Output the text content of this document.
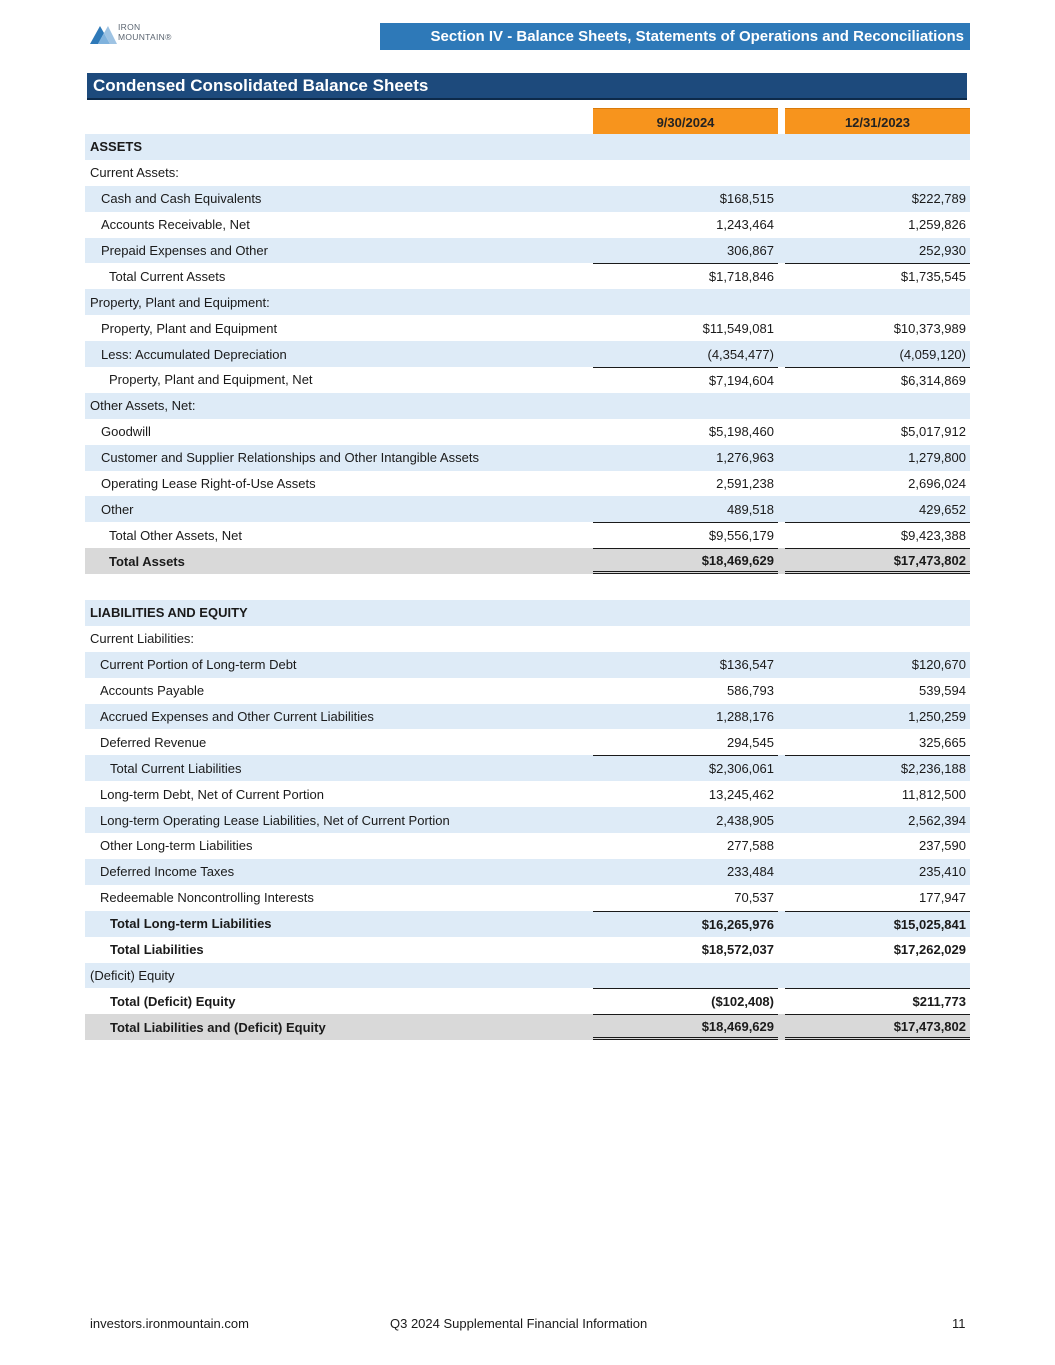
IRON
MOUNTAIN®	Section IV - Balance Sheets, Statements of Operations and Reconciliations
Condensed Consolidated Balance Sheets
9/30/2024	12/31/2023
ASSETS
Current Assets:
Cash and Cash Equivalents	$168,515	$222,789
Accounts Receivable, Net	1,243,464	1,259,826
Prepaid Expenses and Other	306,867	252,930
Total Current Assets	$1,718,846	$1,735,545
Property, Plant and Equipment:
Property, Plant and Equipment	$11,549,081	$10,373,989
Less: Accumulated Depreciation	(4,354,477)	(4,059,120)
Property, Plant and Equipment, Net	$7,194,604	$6,314,869
Other Assets, Net:
Goodwill	$5,198,460	$5,017,912
Customer and Supplier Relationships and Other Intangible Assets	1,276,963	1,279,800
Operating Lease Right-of-Use Assets	2,591,238	2,696,024
Other	489,518	429,652
Total Other Assets, Net	$9,556,179	$9,423,388
Total Assets	$18,469,629	$17,473,802
LIABILITIES AND EQUITY
Current Liabilities:
Current Portion of Long-term Debt	$136,547	$120,670
Accounts Payable	586,793	539,594
Accrued Expenses and Other Current Liabilities	1,288,176	1,250,259
Deferred Revenue	294,545	325,665
Total Current Liabilities	$2,306,061	$2,236,188
Long-term Debt, Net of Current Portion	13,245,462	11,812,500
Long-term Operating Lease Liabilities, Net of Current Portion	2,438,905	2,562,394
Other Long-term Liabilities	277,588	237,590
Deferred Income Taxes	233,484	235,410
Redeemable Noncontrolling Interests	70,537	177,947
Total Long-term Liabilities	$16,265,976	$15,025,841
Total Liabilities	$18,572,037	$17,262,029
(Deficit) Equity
Total (Deficit) Equity	($102,408)	$211,773
Total Liabilities and (Deficit) Equity	$18,469,629	$17,473,802
investors.ironmountain.com	Q3 2024 Supplemental Financial Information	11
